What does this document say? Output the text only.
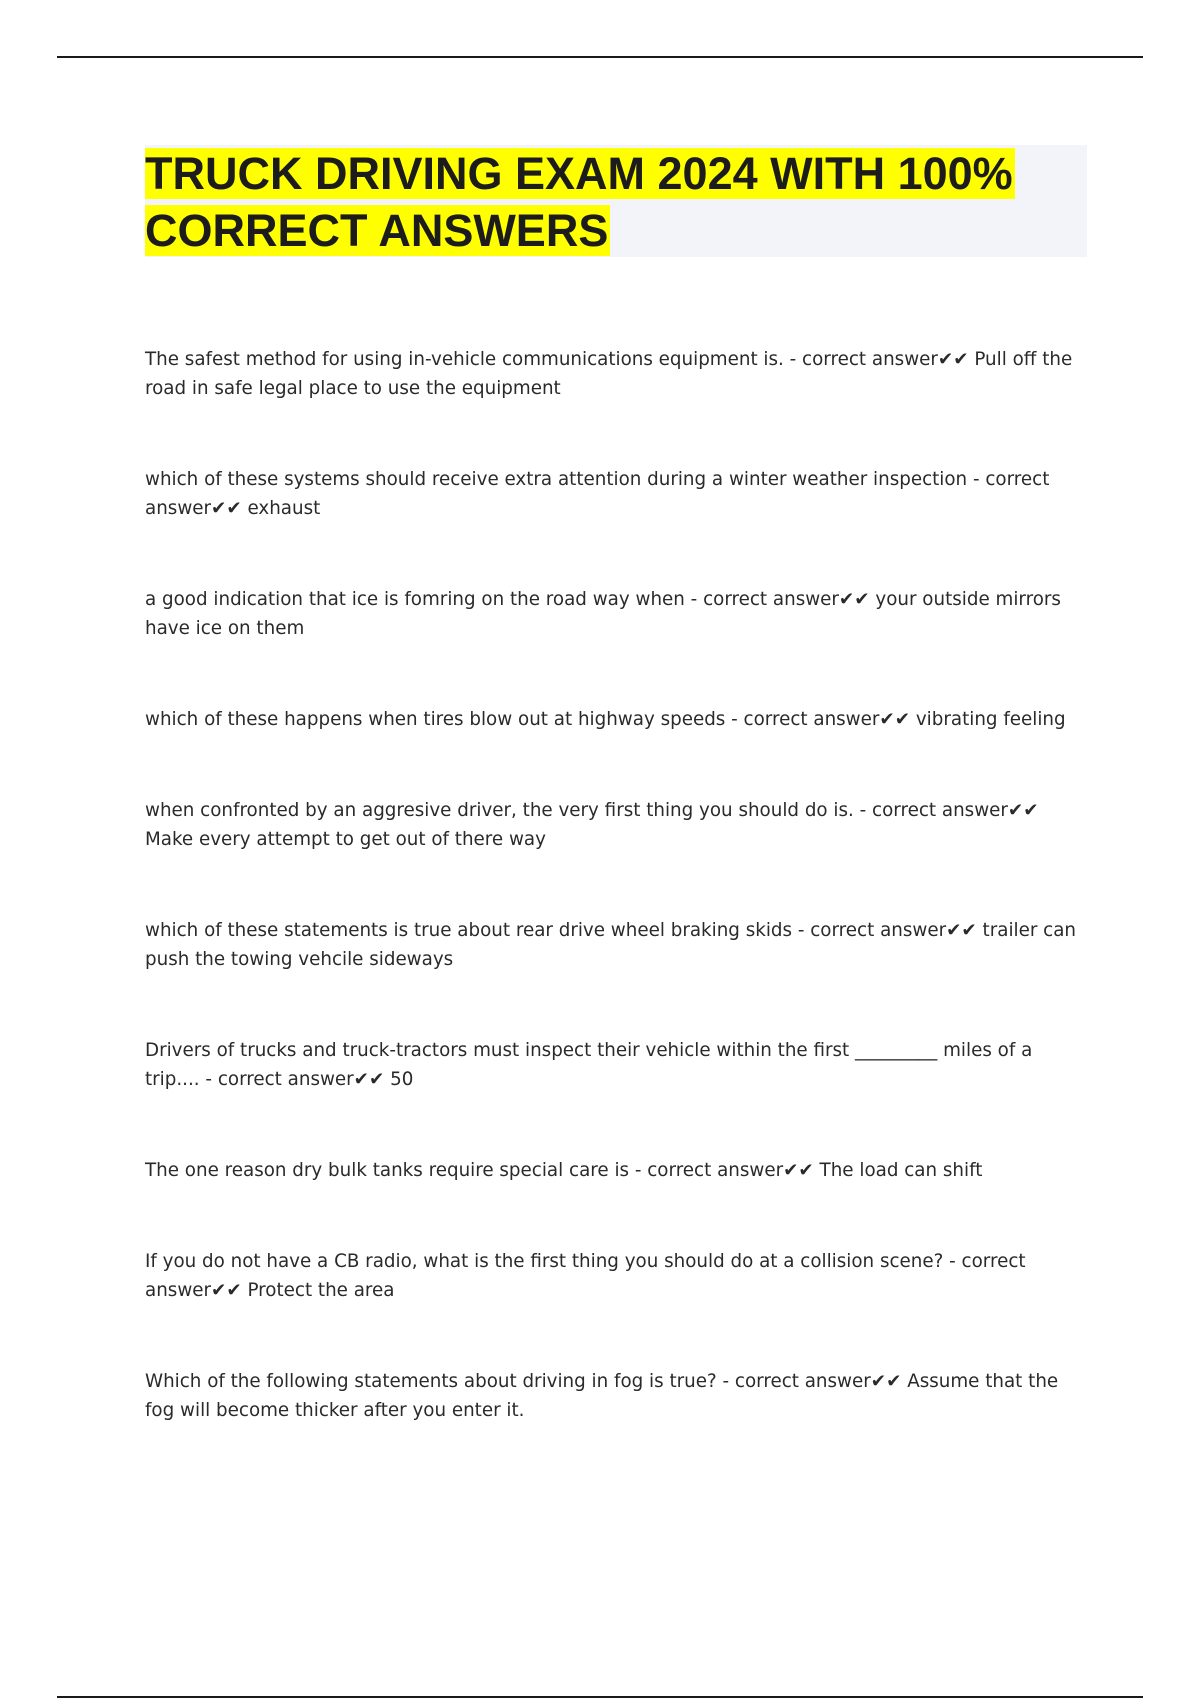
TRUCK DRIVING EXAM 2024 WITH 100% CORRECT ANSWERS
The safest method for using in-vehicle communications equipment is. - correct answer✔✔ Pull off the road in safe legal place to use the equipment
which of these systems should receive extra attention during a winter weather inspection - correct answer✔✔ exhaust
a good indication that ice is fomring on the road way when - correct answer✔✔ your outside mirrors have ice on them
which of these happens when tires blow out at highway speeds - correct answer✔✔ vibrating feeling
when confronted by an aggresive driver, the very first thing you should do is. - correct answer✔✔ Make every attempt to get out of there way
which of these statements is true about rear drive wheel braking skids - correct answer✔✔ trailer can push the towing vehcile sideways
Drivers of trucks and truck-tractors must inspect their vehicle within the first _________ miles of a trip.... - correct answer✔✔ 50
The one reason dry bulk tanks require special care is - correct answer✔✔ The load can shift
If you do not have a CB radio, what is the first thing you should do at a collision scene? - correct answer✔✔ Protect the area
Which of the following statements about driving in fog is true? - correct answer✔✔ Assume that the fog will become thicker after you enter it.
